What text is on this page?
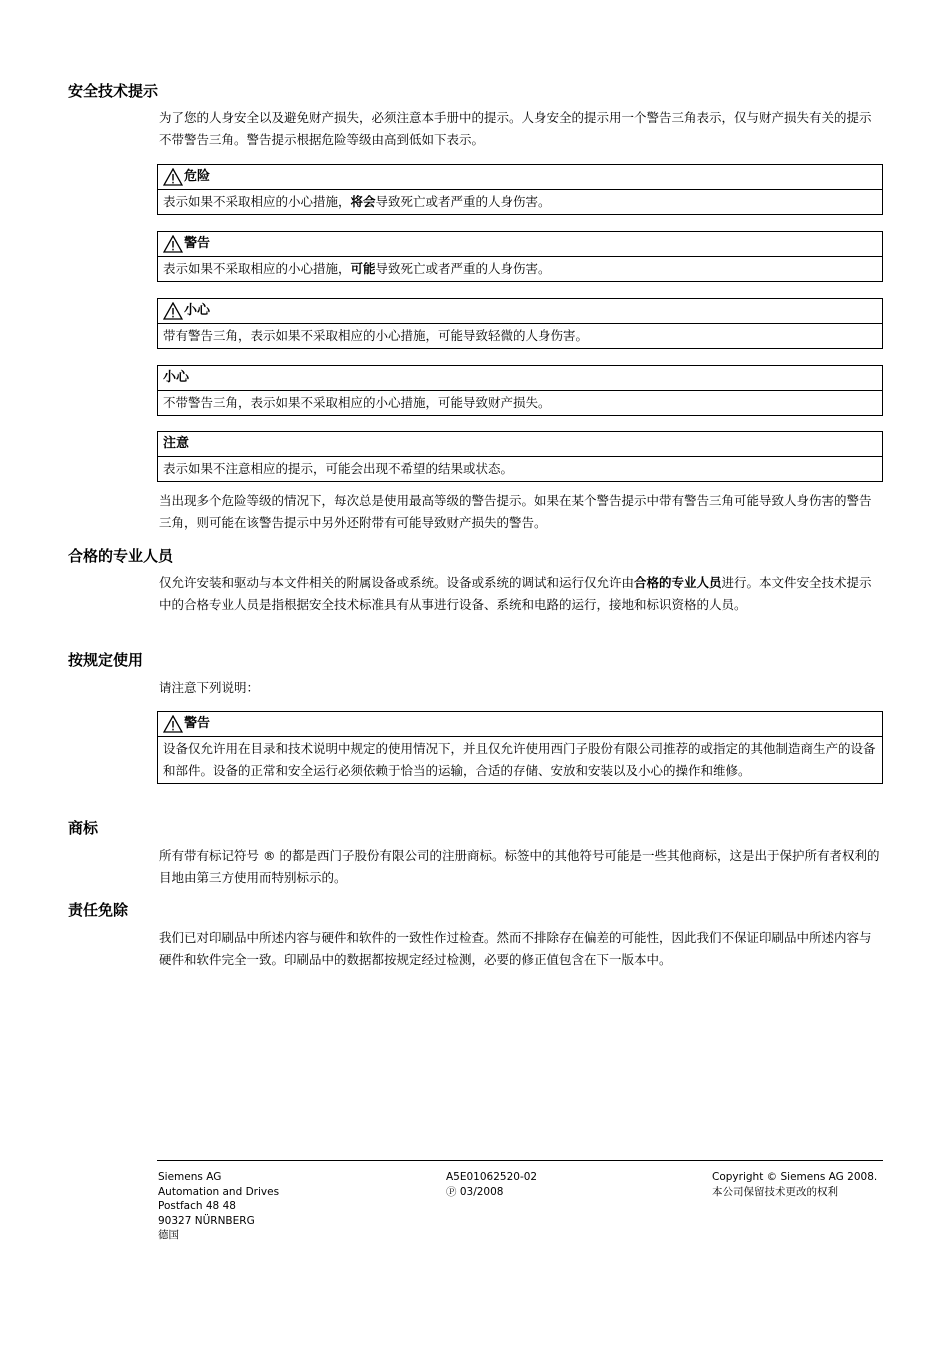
安全技术提示

为了您的人身安全以及避免财产损失，必须注意本手册中的提示。人身安全的提示用一个警告三角表示，仅与财产损失有关的提示不带警告三角。警告提示根据危险等级由高到低如下表示。

危险
表示如果不采取相应的小心措施，将会导致死亡或者严重的人身伤害。
警告
表示如果不采取相应的小心措施，可能导致死亡或者严重的人身伤害。
小心
带有警告三角，表示如果不采取相应的小心措施，可能导致轻微的人身伤害。
小心
不带警告三角，表示如果不采取相应的小心措施，可能导致财产损失。
注意
表示如果不注意相应的提示，可能会出现不希望的结果或状态。

当出现多个危险等级的情况下，每次总是使用最高等级的警告提示。如果在某个警告提示中带有警告三角可能导致人身伤害的警告三角，则可能在该警告提示中另外还附带有可能导致财产损失的警告。

合格的专业人员

仅允许安装和驱动与本文件相关的附属设备或系统。设备或系统的调试和运行仅允许由合格的专业人员进行。本文件安全技术提示中的合格专业人员是指根据安全技术标准具有从事进行设备、系统和电路的运行，接地和标识资格的人员。

按规定使用

请注意下列说明：

警告
设备仅允许用在目录和技术说明中规定的使用情况下，并且仅允许使用西门子股份有限公司推荐的或指定的其他制造商生产的设备和部件。设备的正常和安全运行必须依赖于恰当的运输，合适的存储、安放和安装以及小心的操作和维修。
商标

所有带有标记符号 ® 的都是西门子股份有限公司的注册商标。标签中的其他符号可能是一些其他商标，这是出于保护所有者权利的 目地由第三方使用而特别标示的。

责任免除

我们已对印刷品中所述内容与硬件和软件的一致性作过检查。然而不排除存在偏差的可能性，因此我们不保证印刷品中所述内容与硬件和软件完全一致。印刷品中的数据都按规定经过检测，必要的修正值包含在下一版本中。

Siemens AG
Automation and Drives
Postfach 48 48
90327 NÜRNBERG
德国
A5E01062520-02
Ⓟ 03/2008
Copyright © Siemens AG 2008.
本公司保留技术更改的权利
